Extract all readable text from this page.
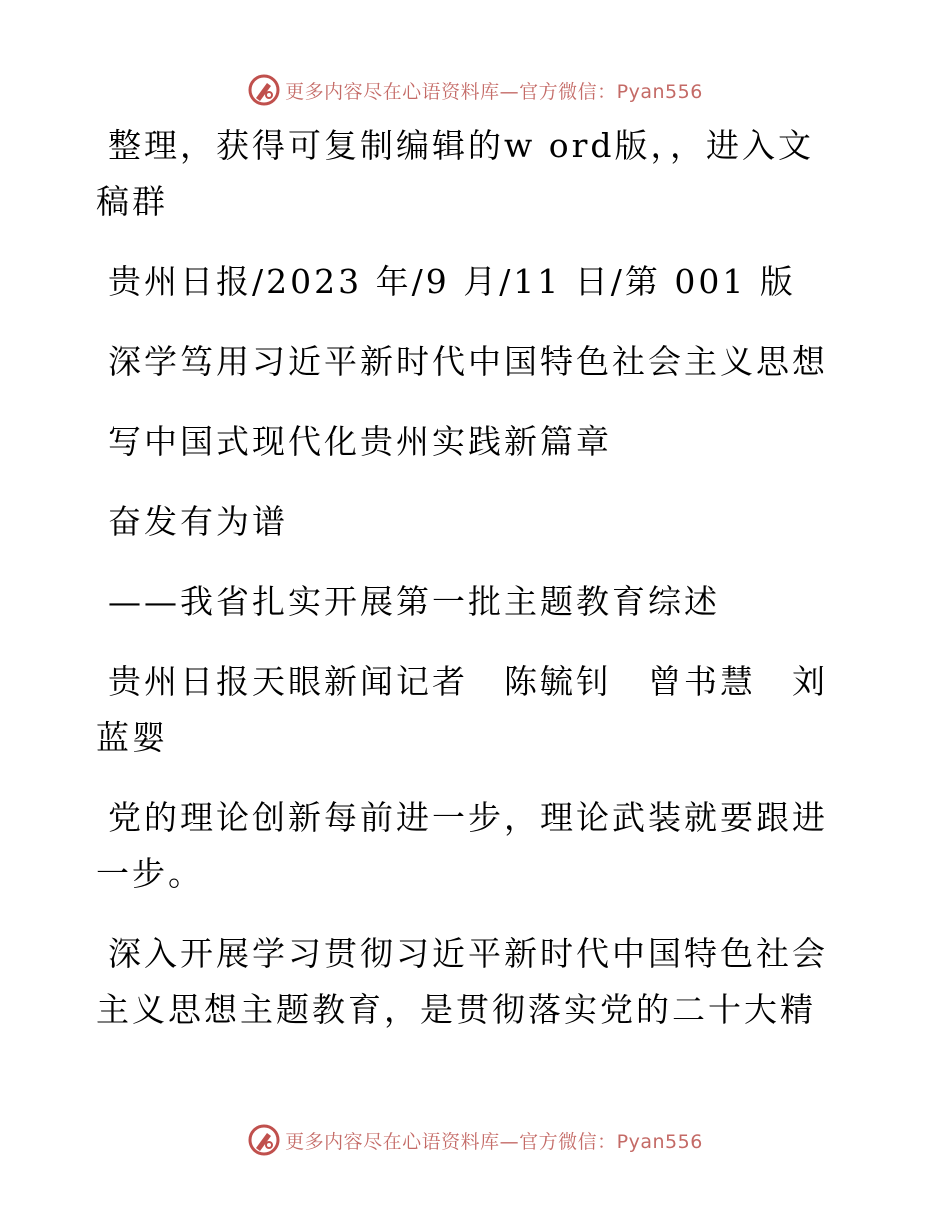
更多内容尽在心语资料库—官方微信：Pyan556

整理，获得可复制编辑的w ord版，，进入文稿群

贵州日报/2023 年/9 月/11 日/第 001 版

深学笃用习近平新时代中国特色社会主义思想

写中国式现代化贵州实践新篇章

奋发有为谱

——我省扎实开展第一批主题教育综述

贵州日报天眼新闻记者　陈毓钊　曾书慧　刘蓝婴

党的理论创新每前进一步，理论武装就要跟进一步。

深入开展学习贯彻习近平新时代中国特色社会主义思想主题教育，是贯彻落实党的二十大精

更多内容尽在心语资料库—官方微信：Pyan556
